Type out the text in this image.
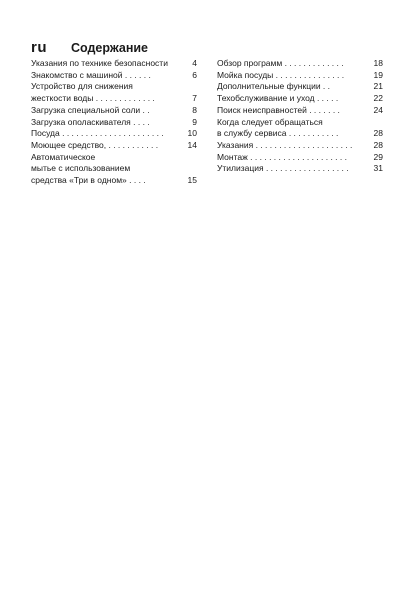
ru Содержание
Указания по технике безопасности	4
Знакомство с машиной . . . . . .	6
Устройство для снижения
жесткости воды . . . . . . . . . . . . .	7
Загрузка специальной соли . .	8
Загрузка ополаскивателя . . . .	9
Посуда . . . . . . . . . . . . . . . . . . . . . .	10
Моющее средство, . . . . . . . . . . .	14
Автоматическое
мытье с использованием
средства «Три в одном» . . . .	15
Обзор программ . . . . . . . . . . . . .	18
Мойка посуды . . . . . . . . . . . . . . .	19
Дополнительные функции . .	21
Техобслуживание и уход . . . . .	22
Поиск неисправностей . . . . . . .	24
Когда следует обращаться
в службу сервиса . . . . . . . . . . .	28
Указания . . . . . . . . . . . . . . . . . . . . .	28
Монтаж . . . . . . . . . . . . . . . . . . . . .	29
Утилизация . . . . . . . . . . . . . . . . . .	31
